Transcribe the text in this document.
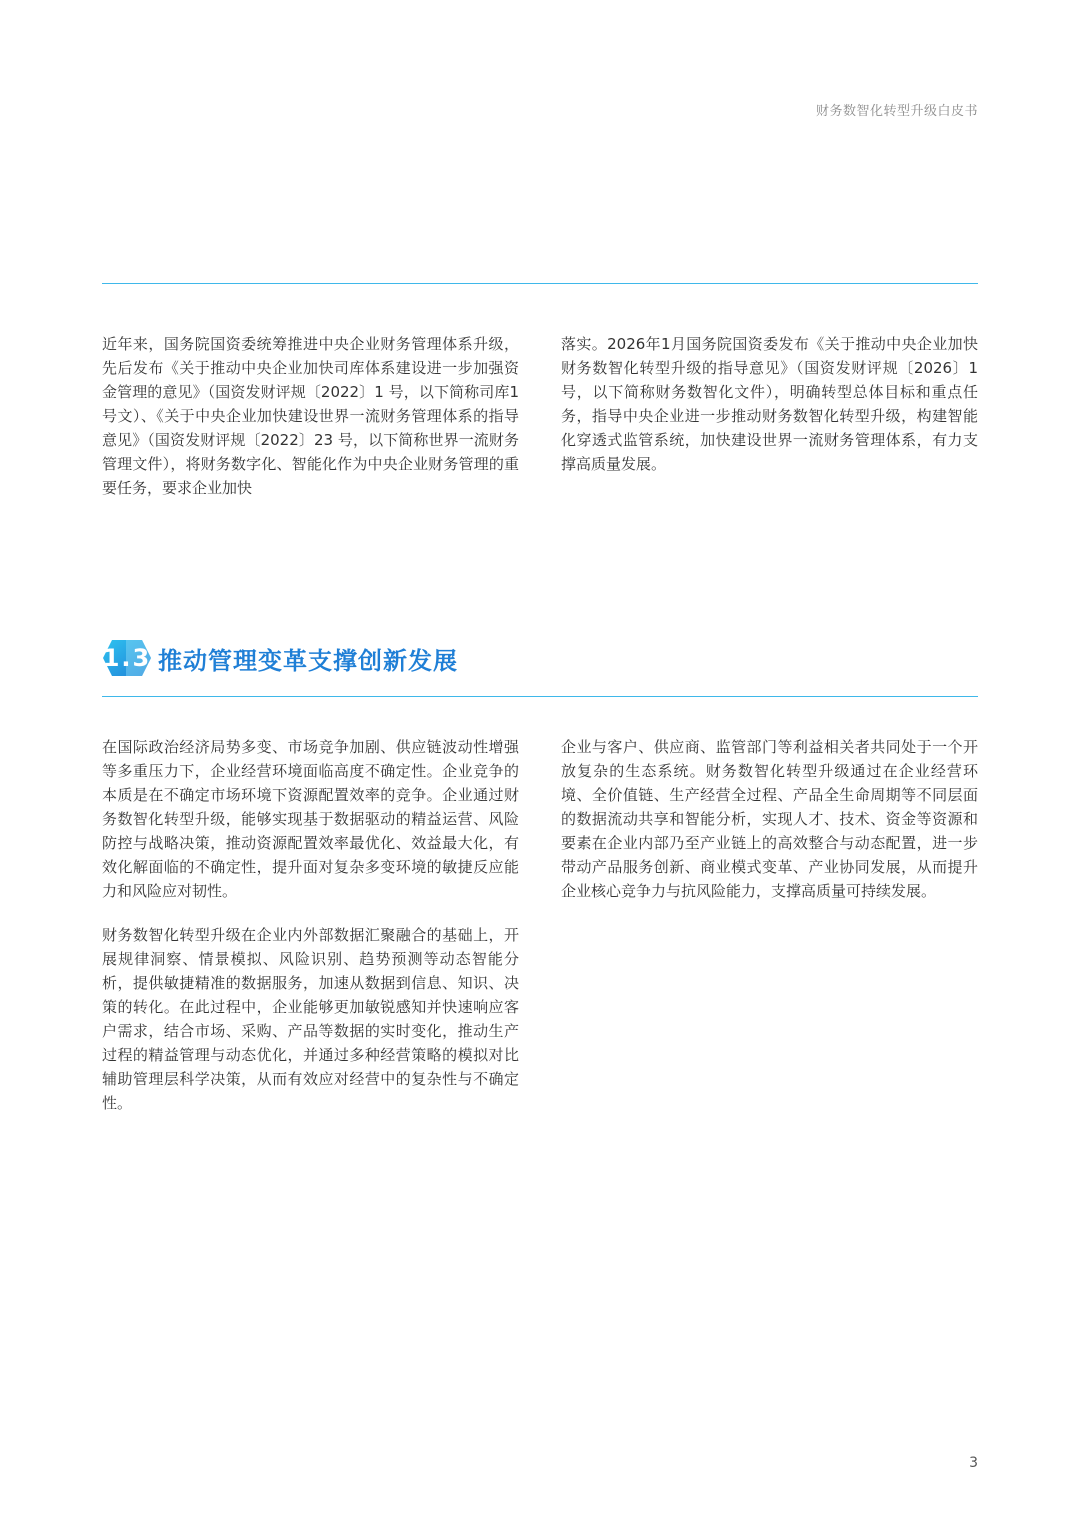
财务数智化转型升级白皮书

近年来，国务院国资委统筹推进中央企业财务管理体系升级，先后发布《关于推动中央企业加快司库体系建设进一步加强资金管理的意见》（国资发财评规〔2022〕1 号，以下简称司库1号文）、《关于中央企业加快建设世界一流财务管理体系的指导意见》（国资发财评规〔2022〕23 号，以下简称世界一流财务管理文件），将财务数字化、智能化作为中央企业财务管理的重要任务，要求企业加快

落实。2026年1月国务院国资委发布《关于推动中央企业加快财务数智化转型升级的指导意见》（国资发财评规〔2026〕1号，以下简称财务数智化文件），明确转型总体目标和重点任务，指导中央企业进一步推动财务数智化转型升级，构建智能化穿透式监管系统，加快建设世界一流财务管理体系，有力支撑高质量发展。

1.3 推动管理变革支撑创新发展

在国际政治经济局势多变、市场竞争加剧、供应链波动性增强等多重压力下，企业经营环境面临高度不确定性。企业竞争的本质是在不确定市场环境下资源配置效率的竞争。企业通过财务数智化转型升级，能够实现基于数据驱动的精益运营、风险防控与战略决策，推动资源配置效率最优化、效益最大化，有效化解面临的不确定性，提升面对复杂多变环境的敏捷反应能力和风险应对韧性。

财务数智化转型升级在企业内外部数据汇聚融合的基础上，开展规律洞察、情景模拟、风险识别、趋势预测等动态智能分析，提供敏捷精准的数据服务，加速从数据到信息、知识、决策的转化。在此过程中，企业能够更加敏锐感知并快速响应客户需求，结合市场、采购、产品等数据的实时变化，推动生产过程的精益管理与动态优化，并通过多种经营策略的模拟对比辅助管理层科学决策，从而有效应对经营中的复杂性与不确定性。

企业与客户、供应商、监管部门等利益相关者共同处于一个开放复杂的生态系统。财务数智化转型升级通过在企业经营环境、全价值链、生产经营全过程、产品全生命周期等不同层面的数据流动共享和智能分析，实现人才、技术、资金等资源和要素在企业内部乃至产业链上的高效整合与动态配置，进一步带动产品服务创新、商业模式变革、产业协同发展，从而提升企业核心竞争力与抗风险能力，支撑高质量可持续发展。

3
